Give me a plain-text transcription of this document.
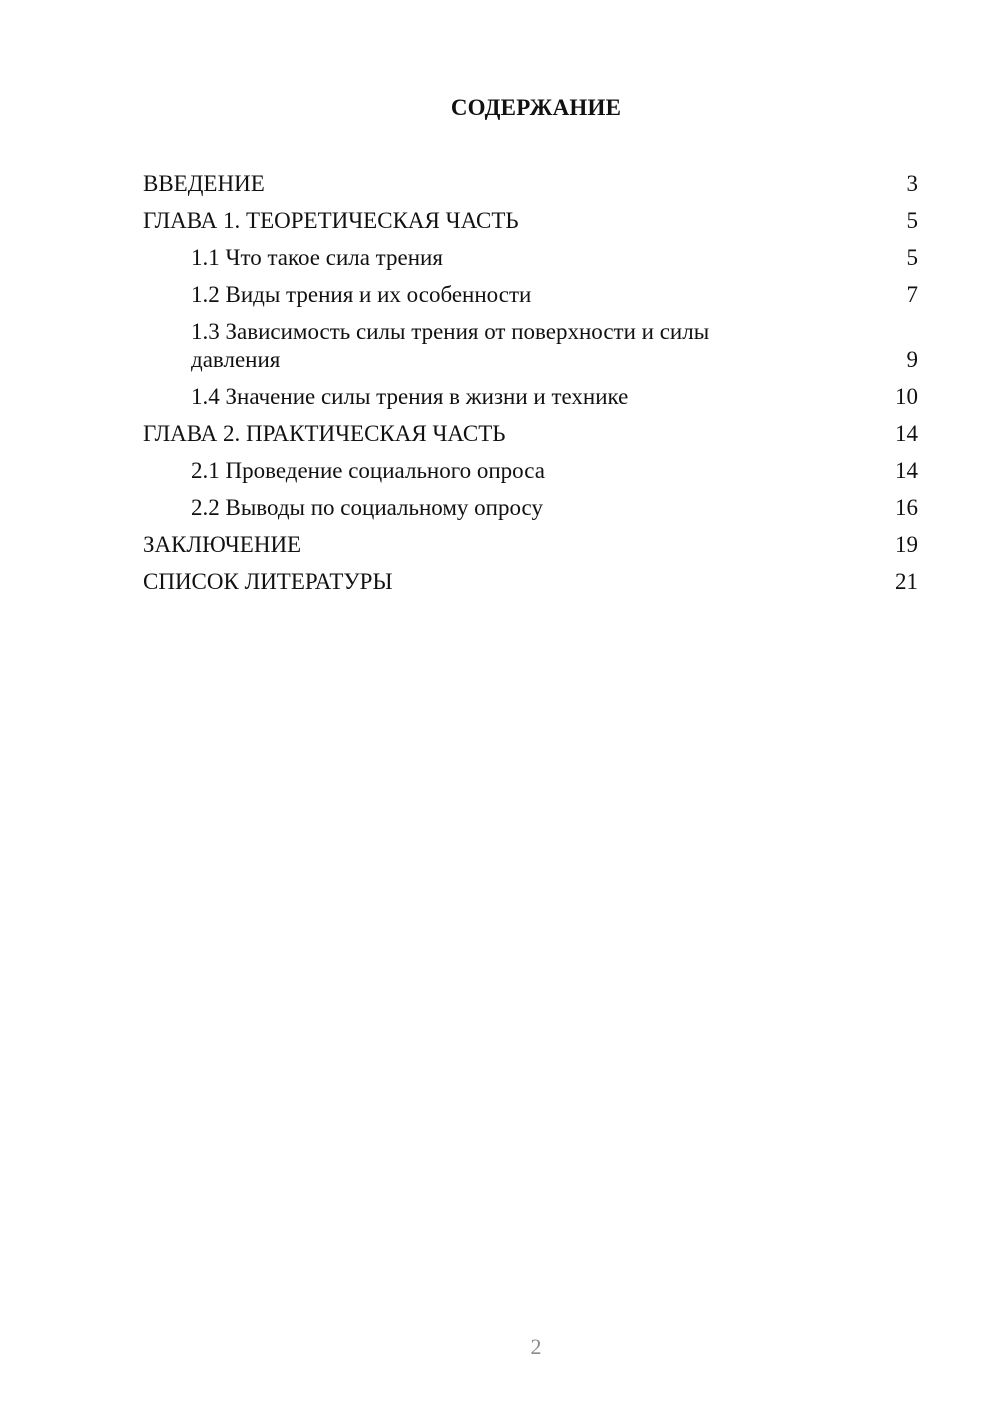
СОДЕРЖАНИЕ
ВВЕДЕНИЕ	3
ГЛАВА 1. ТЕОРЕТИЧЕСКАЯ ЧАСТЬ	5
1.1 Что такое сила трения	5
1.2 Виды трения и их особенности	7
1.3 Зависимость силы трения от поверхности и силы давления	9
1.4 Значение силы трения в жизни и технике	10
ГЛАВА 2. ПРАКТИЧЕСКАЯ ЧАСТЬ	14
2.1 Проведение социального опроса	14
2.2 Выводы по социальному опросу	16
ЗАКЛЮЧЕНИЕ	19
СПИСОК ЛИТЕРАТУРЫ	21
2
